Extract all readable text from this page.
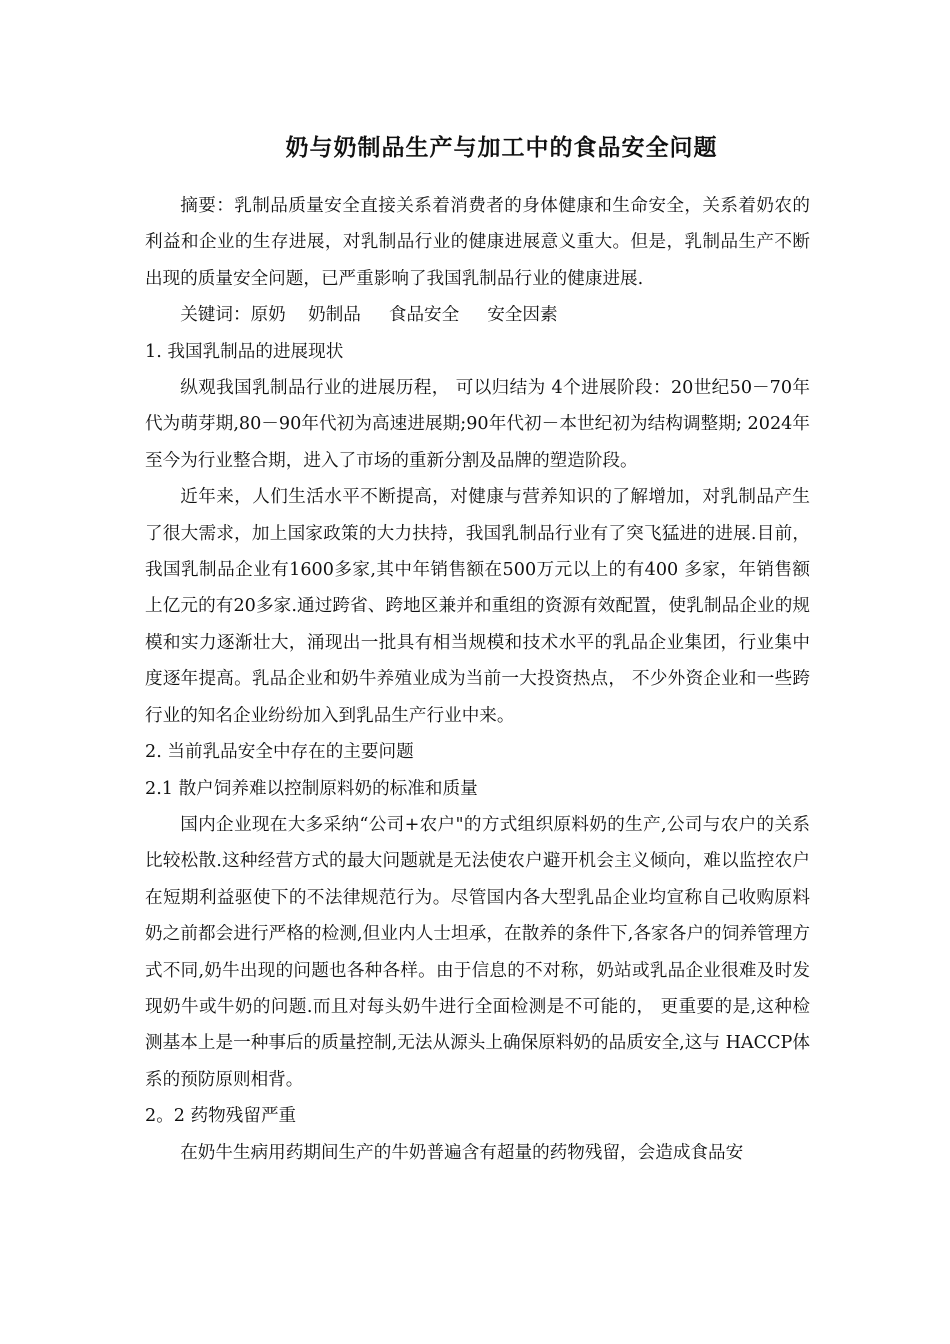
奶与奶制品生产与加工中的食品安全问题

摘要：乳制品质量安全直接关系着消费者的身体健康和生命安全，关系着奶农的利益和企业的生存进展，对乳制品行业的健康进展意义重大。但是，乳制品生产不断出现的质量安全问题，已严重影响了我国乳制品行业的健康进展.

关键词：原奶    奶制品     食品安全     安全因素

1. 我国乳制品的进展现状

纵观我国乳制品行业的进展历程， 可以归结为 4个进展阶段：20世纪50－70年代为萌芽期,80－90年代初为高速进展期;90年代初－本世纪初为结构调整期; 2024年至今为行业整合期，进入了市场的重新分割及品牌的塑造阶段。

近年来，人们生活水平不断提高，对健康与营养知识的了解增加，对乳制品产生了很大需求，加上国家政策的大力扶持，我国乳制品行业有了突飞猛进的进展.目前，我国乳制品企业有1600多家,其中年销售额在500万元以上的有400 多家，年销售额上亿元的有20多家.通过跨省、跨地区兼并和重组的资源有效配置，使乳制品企业的规模和实力逐渐壮大，涌现出一批具有相当规模和技术水平的乳品企业集团，行业集中度逐年提高。乳品企业和奶牛养殖业成为当前一大投资热点， 不少外资企业和一些跨行业的知名企业纷纷加入到乳品生产行业中来。

2. 当前乳品安全中存在的主要问题

2.1 散户饲养难以控制原料奶的标准和质量

国内企业现在大多采纳“公司+农户"的方式组织原料奶的生产,公司与农户的关系比较松散.这种经营方式的最大问题就是无法使农户避开机会主义倾向，难以监控农户在短期利益驱使下的不法律规范行为。尽管国内各大型乳品企业均宣称自己收购原料奶之前都会进行严格的检测,但业内人士坦承，在散养的条件下,各家各户的饲养管理方式不同,奶牛出现的问题也各种各样。由于信息的不对称，奶站或乳品企业很难及时发现奶牛或牛奶的问题.而且对每头奶牛进行全面检测是不可能的， 更重要的是,这种检测基本上是一种事后的质量控制,无法从源头上确保原料奶的品质安全,这与 HACCP体系的预防原则相背。

2。2 药物残留严重

在奶牛生病用药期间生产的牛奶普遍含有超量的药物残留，会造成食品安
